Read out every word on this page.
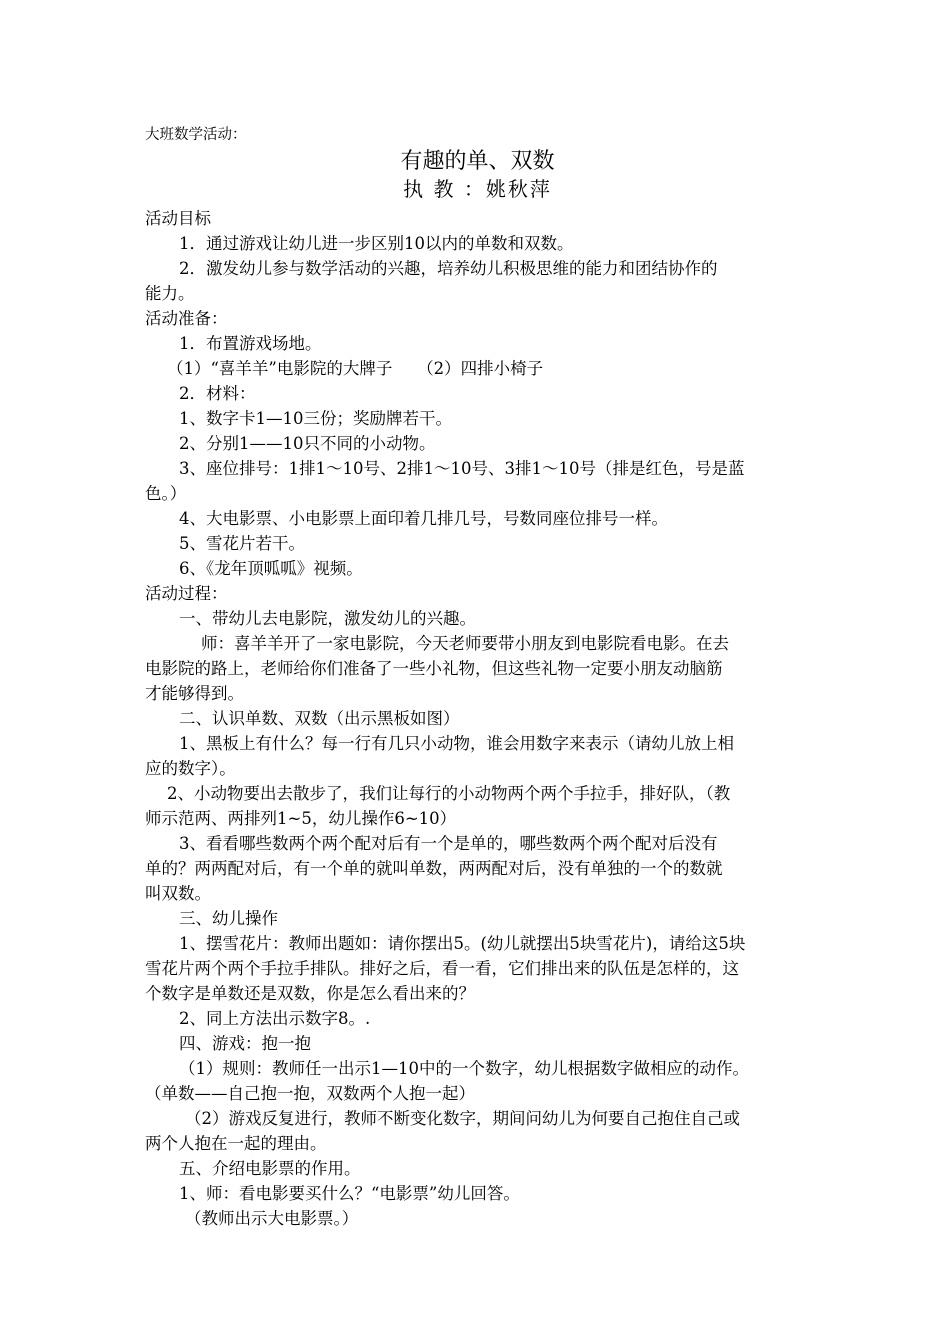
大班数学活动：
有趣的单、双数
执 教 ：姚秋萍
活动目标
1．通过游戏让幼儿进一步区别10以内的单数和双数。
2．激发幼儿参与数学活动的兴趣，培养幼儿积极思维的能力和团结协作的
能力。
活动准备：
1．布置游戏场地。
（1）“喜羊羊”电影院的大牌子　　（2）四排小椅子
2．材料：
1、数字卡1—10三份；奖励牌若干。
2、分别1——10只不同的小动物。
3、座位排号：1排1～10号、2排1～10号、3排1～10号（排是红色，号是蓝
色。）
4、大电影票、小电影票上面印着几排几号，号数同座位排号一样。
5、雪花片若干。
6、《龙年顶呱呱》视频。
活动过程：
一、带幼儿去电影院，激发幼儿的兴趣。
师：喜羊羊开了一家电影院，今天老师要带小朋友到电影院看电影。在去
电影院的路上，老师给你们准备了一些小礼物，但这些礼物一定要小朋友动脑筋
才能够得到。
二、认识单数、双数（出示黑板如图）
1、黑板上有什么？每一行有几只小动物，谁会用数字来表示（请幼儿放上相
应的数字）。
2、小动物要出去散步了，我们让每行的小动物两个两个手拉手，排好队，（教
师示范两、两排列1~5，幼儿操作6~10）
3、看看哪些数两个两个配对后有一个是单的，哪些数两个两个配对后没有
单的？两两配对后，有一个单的就叫单数，两两配对后，没有单独的一个的数就
叫双数。
三、幼儿操作
1、摆雪花片：教师出题如：请你摆出5。(幼儿就摆出5块雪花片)，请给这5块
雪花片两个两个手拉手排队。排好之后，看一看，它们排出来的队伍是怎样的，这
个数字是单数还是双数，你是怎么看出来的？
2、同上方法出示数字8。.
四、游戏：抱一抱
（1）规则：教师任一出示1—10中的一个数字，幼儿根据数字做相应的动作。
（单数——自己抱一抱，双数两个人抱一起）
（2）游戏反复进行，教师不断变化数字，期间问幼儿为何要自己抱住自己或
两个人抱在一起的理由。
五、介绍电影票的作用。
1、师：看电影要买什么？“电影票”幼儿回答。
（教师出示大电影票。）
